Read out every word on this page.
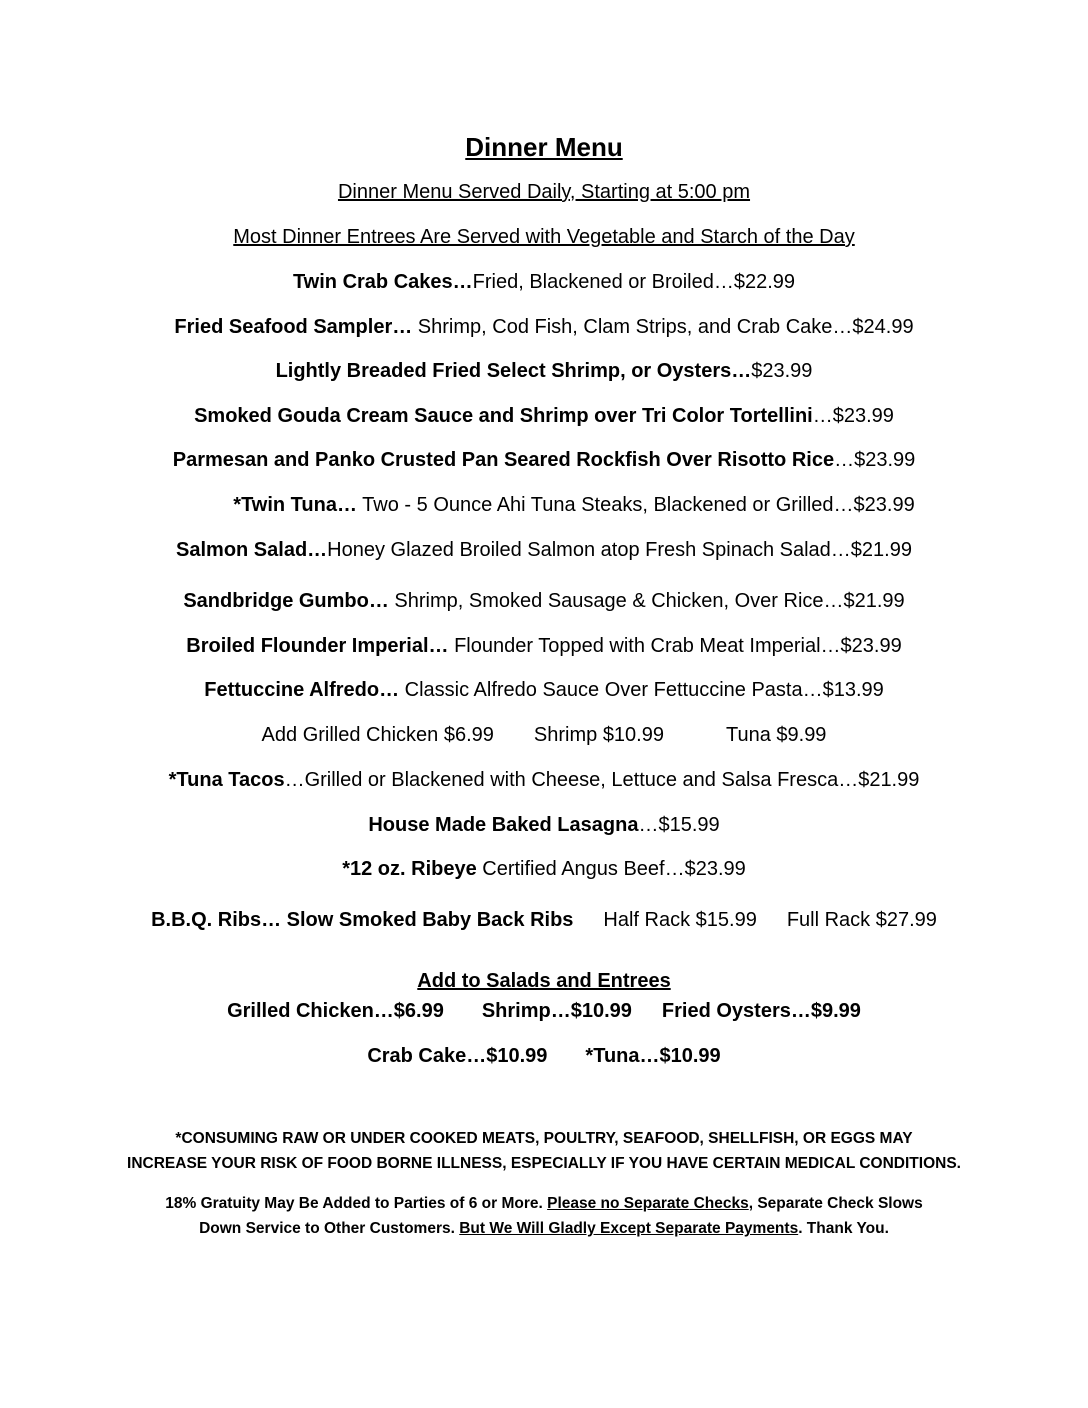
Dinner Menu
Dinner Menu Served Daily, Starting at 5:00 pm
Most Dinner Entrees Are Served with Vegetable and Starch of the Day
Twin Crab Cakes…Fried, Blackened or Broiled…$22.99
Fried Seafood Sampler… Shrimp, Cod Fish, Clam Strips, and Crab Cake…$24.99
Lightly Breaded Fried Select Shrimp, or Oysters…$23.99
Smoked Gouda Cream Sauce and Shrimp over Tri Color Tortellini…$23.99
Parmesan and Panko Crusted Pan Seared Rockfish Over Risotto Rice…$23.99
*Twin Tuna… Two - 5 Ounce Ahi Tuna Steaks, Blackened or Grilled…$23.99
Salmon Salad…Honey Glazed Broiled Salmon atop Fresh Spinach Salad…$21.99
Sandbridge Gumbo… Shrimp, Smoked Sausage & Chicken, Over Rice…$21.99
Broiled Flounder Imperial… Flounder Topped with Crab Meat Imperial…$23.99
Fettuccine Alfredo… Classic Alfredo Sauce Over Fettuccine Pasta…$13.99
Add Grilled Chicken $6.99 Shrimp $10.99	Tuna $9.99
*Tuna Tacos…Grilled or Blackened with Cheese, Lettuce and Salsa Fresca…$21.99
House Made Baked Lasagna…$15.99
*12 oz. Ribeye Certified Angus Beef…$23.99
B.B.Q. Ribs… Slow Smoked Baby Back Ribs Half Rack $15.99 Full Rack $27.99
Add to Salads and Entrees
Grilled Chicken…$6.99 Shrimp…$10.99 Fried Oysters…$9.99
Crab Cake…$10.99 *Tuna…$10.99
*CONSUMING RAW OR UNDER COOKED MEATS, POULTRY, SEAFOOD, SHELLFISH, OR EGGS MAY
INCREASE YOUR RISK OF FOOD BORNE ILLNESS, ESPECIALLY IF YOU HAVE CERTAIN MEDICAL CONDITIONS.
18% Gratuity May Be Added to Parties of 6 or More. Please no Separate Checks, Separate Check Slows
Down Service to Other Customers. But We Will Gladly Except Separate Payments. Thank You.
